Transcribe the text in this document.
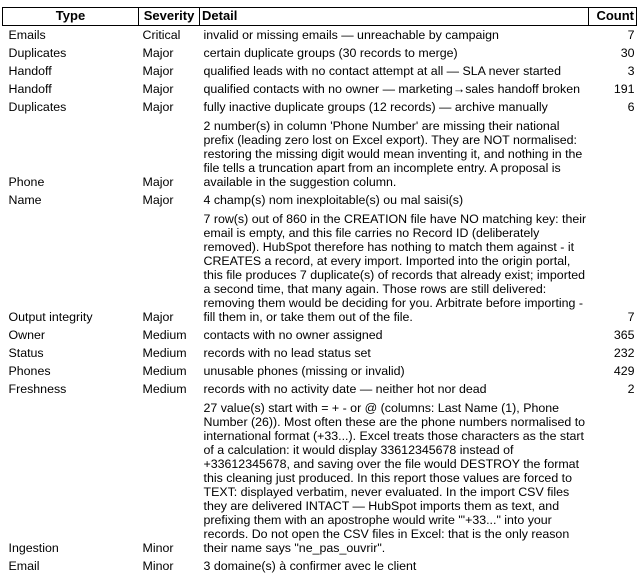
Type	Severity	Detail	Count
Emails	Critical	invalid or missing emails — unreachable by campaign	7
Duplicates	Major	certain duplicate groups (30 records to merge)	30
Handoff	Major	qualified leads with no contact attempt at all — SLA never started	3
Handoff	Major	qualified contacts with no owner — marketing→sales handoff broken	191
Duplicates	Major	fully inactive duplicate groups (12 records) — archive manually	6
Phone	Major	2 number(s) in column 'Phone Number' are missing their national prefix (leading zero lost on Excel export). They are NOT normalised: restoring the missing digit would mean inventing it, and nothing in the file tells a truncation apart from an incomplete entry. A proposal is available in the suggestion column.	
Name	Major	4 champ(s) nom inexploitable(s) ou mal saisi(s)	
Output integrity	Major	7 row(s) out of 860 in the CREATION file have NO matching key: their email is empty, and this file carries no Record ID (deliberately removed). HubSpot therefore has nothing to match them against - it CREATES a record, at every import. Imported into the origin portal, this file produces 7 duplicate(s) of records that already exist; imported a second time, that many again. Those rows are still delivered: removing them would be deciding for you. Arbitrate before importing - fill them in, or take them out of the file.	7
Owner	Medium	contacts with no owner assigned	365
Status	Medium	records with no lead status set	232
Phones	Medium	unusable phones (missing or invalid)	429
Freshness	Medium	records with no activity date — neither hot nor dead	2
Ingestion	Minor	27 value(s) start with = + - or @ (columns: Last Name (1), Phone Number (26)). Most often these are the phone numbers normalised to international format (+33...). Excel treats those characters as the start of a calculation: it would display 33612345678 instead of +33612345678, and saving over the file would DESTROY the format this cleaning just produced. In this report those values are forced to TEXT: displayed verbatim, never evaluated. In the import CSV files they are delivered INTACT — HubSpot imports them as text, and prefixing them with an apostrophe would write "'+33..." into your records. Do not open the CSV files in Excel: that is the only reason their name says "ne_pas_ouvrir".	
Email	Minor	3 domaine(s) à confirmer avec le client	
